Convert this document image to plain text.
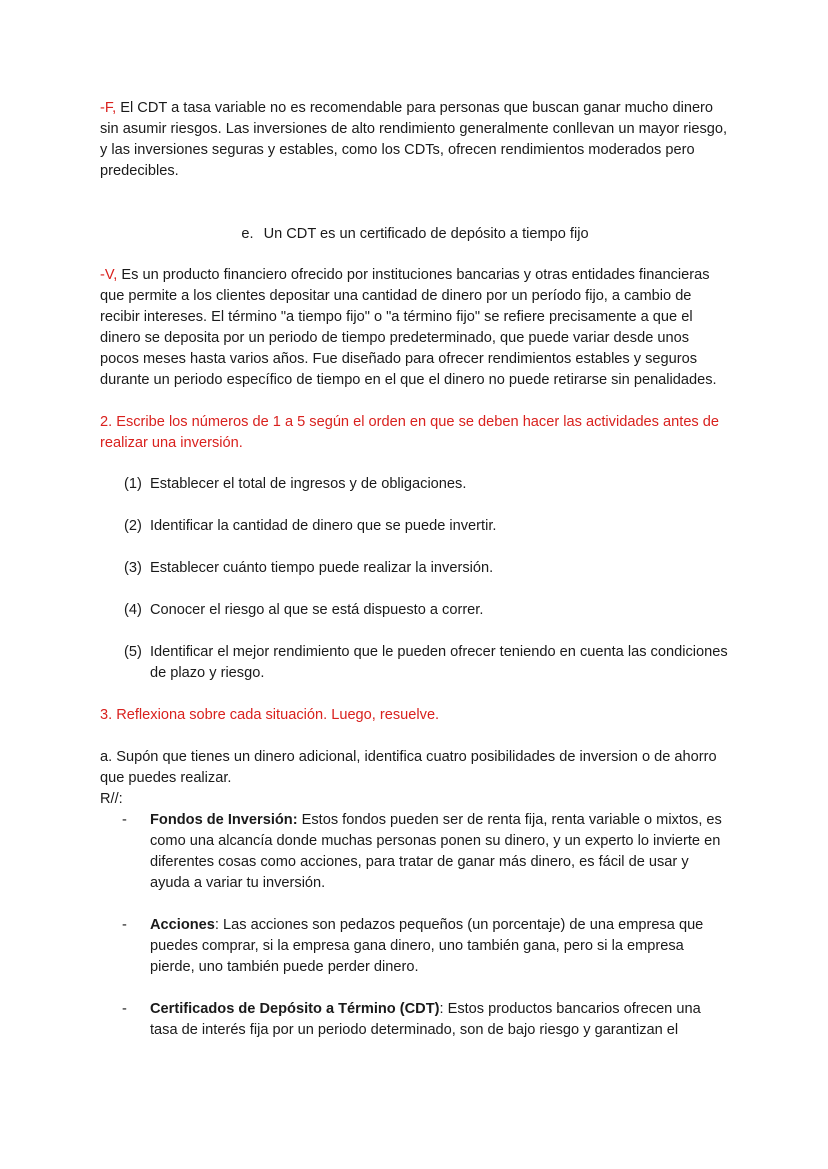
-F, El CDT a tasa variable no es recomendable para personas que buscan ganar mucho dinero sin asumir riesgos. Las inversiones de alto rendimiento generalmente conllevan un mayor riesgo, y las inversiones seguras y estables, como los CDTs, ofrecen rendimientos moderados pero predecibles.

e. Un CDT es un certificado de depósito a tiempo fijo

-V, Es un producto financiero ofrecido por instituciones bancarias y otras entidades financieras que permite a los clientes depositar una cantidad de dinero por un período fijo, a cambio de recibir intereses. El término "a tiempo fijo" o "a término fijo" se refiere precisamente a que el dinero se deposita por un periodo de tiempo predeterminado, que puede variar desde unos pocos meses hasta varios años. Fue diseñado para ofrecer rendimientos estables y seguros durante un periodo específico de tiempo en el que el dinero no puede retirarse sin penalidades.

2. Escribe los números de 1 a 5 según el orden en que se deben hacer las actividades antes de realizar una inversión.

(1) Establecer el total de ingresos y de obligaciones.
(2) Identificar la cantidad de dinero que se puede invertir.
(3) Establecer cuánto tiempo puede realizar la inversión.
(4) Conocer el riesgo al que se está dispuesto a correr.
(5) Identificar el mejor rendimiento que le pueden ofrecer teniendo en cuenta las condiciones de plazo y riesgo.

3. Reflexiona sobre cada situación. Luego, resuelve.

a. Supón que tienes un dinero adicional, identifica cuatro posibilidades de inversion o de ahorro que puedes realizar.

R//:

-	Fondos de Inversión: Estos fondos pueden ser de renta fija, renta variable o mixtos, es como una alcancía donde muchas personas ponen su dinero, y un experto lo invierte en diferentes cosas como acciones, para tratar de ganar más dinero, es fácil de usar y ayuda a variar tu inversión.
-	Acciones: Las acciones son pedazos pequeños (un porcentaje) de una empresa que puedes comprar, si la empresa gana dinero, uno también gana, pero si la empresa pierde, uno también puede perder dinero.
-	Certificados de Depósito a Término (CDT): Estos productos bancarios ofrecen una tasa de interés fija por un periodo determinado, son de bajo riesgo y garantizan el
